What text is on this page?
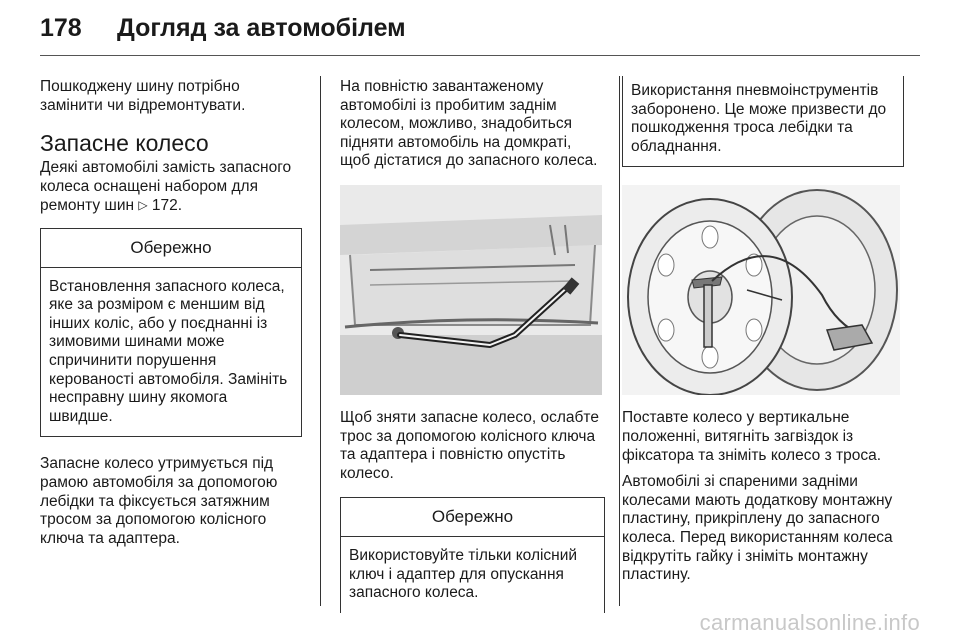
178 Догляд за автомобілем

Пошкоджену шину потрібно замінити чи відремонтувати.

Запасне колесо

Деякі автомобілі замість запасного колеса оснащені набором для ремонту шин ▷ 172.

Обережно
Встановлення запасного колеса, яке за розміром є меншим від інших коліс, або у поєднанні із зимовими шинами може спричинити порушення керованості автомобіля. Замініть несправну шину якомога швидше.

Запасне колесо утримується під рамою автомобіля за допомогою лебідки та фіксується затяжним тросом за допомогою колісного ключа та адаптера.

На повністю завантаженому автомобілі із пробитим заднім колесом, можливо, знадобиться підняти автомобіль на домкраті, щоб дістатися до запасного колеса.

Щоб зняти запасне колесо, ослабте трос за допомогою колісного ключа та адаптера і повністю опустіть колесо.

Обережно
Використовуйте тільки колісний ключ і адаптер для опускання запасного колеса.
Використання пневмоінструментів заборонено. Це може призвести до пошкодження троса лебідки та обладнання.

Поставте колесо у вертикальне положенні, витягніть загвіздок із фіксатора та зніміть колесо з троса.

Автомобілі зі спареними задніми колесами мають додаткову монтажну пластину, прикріплену до запасного колеса. Перед використанням колеса відкрутіть гайку і зніміть монтажну пластину.

carmanualsonline.info
